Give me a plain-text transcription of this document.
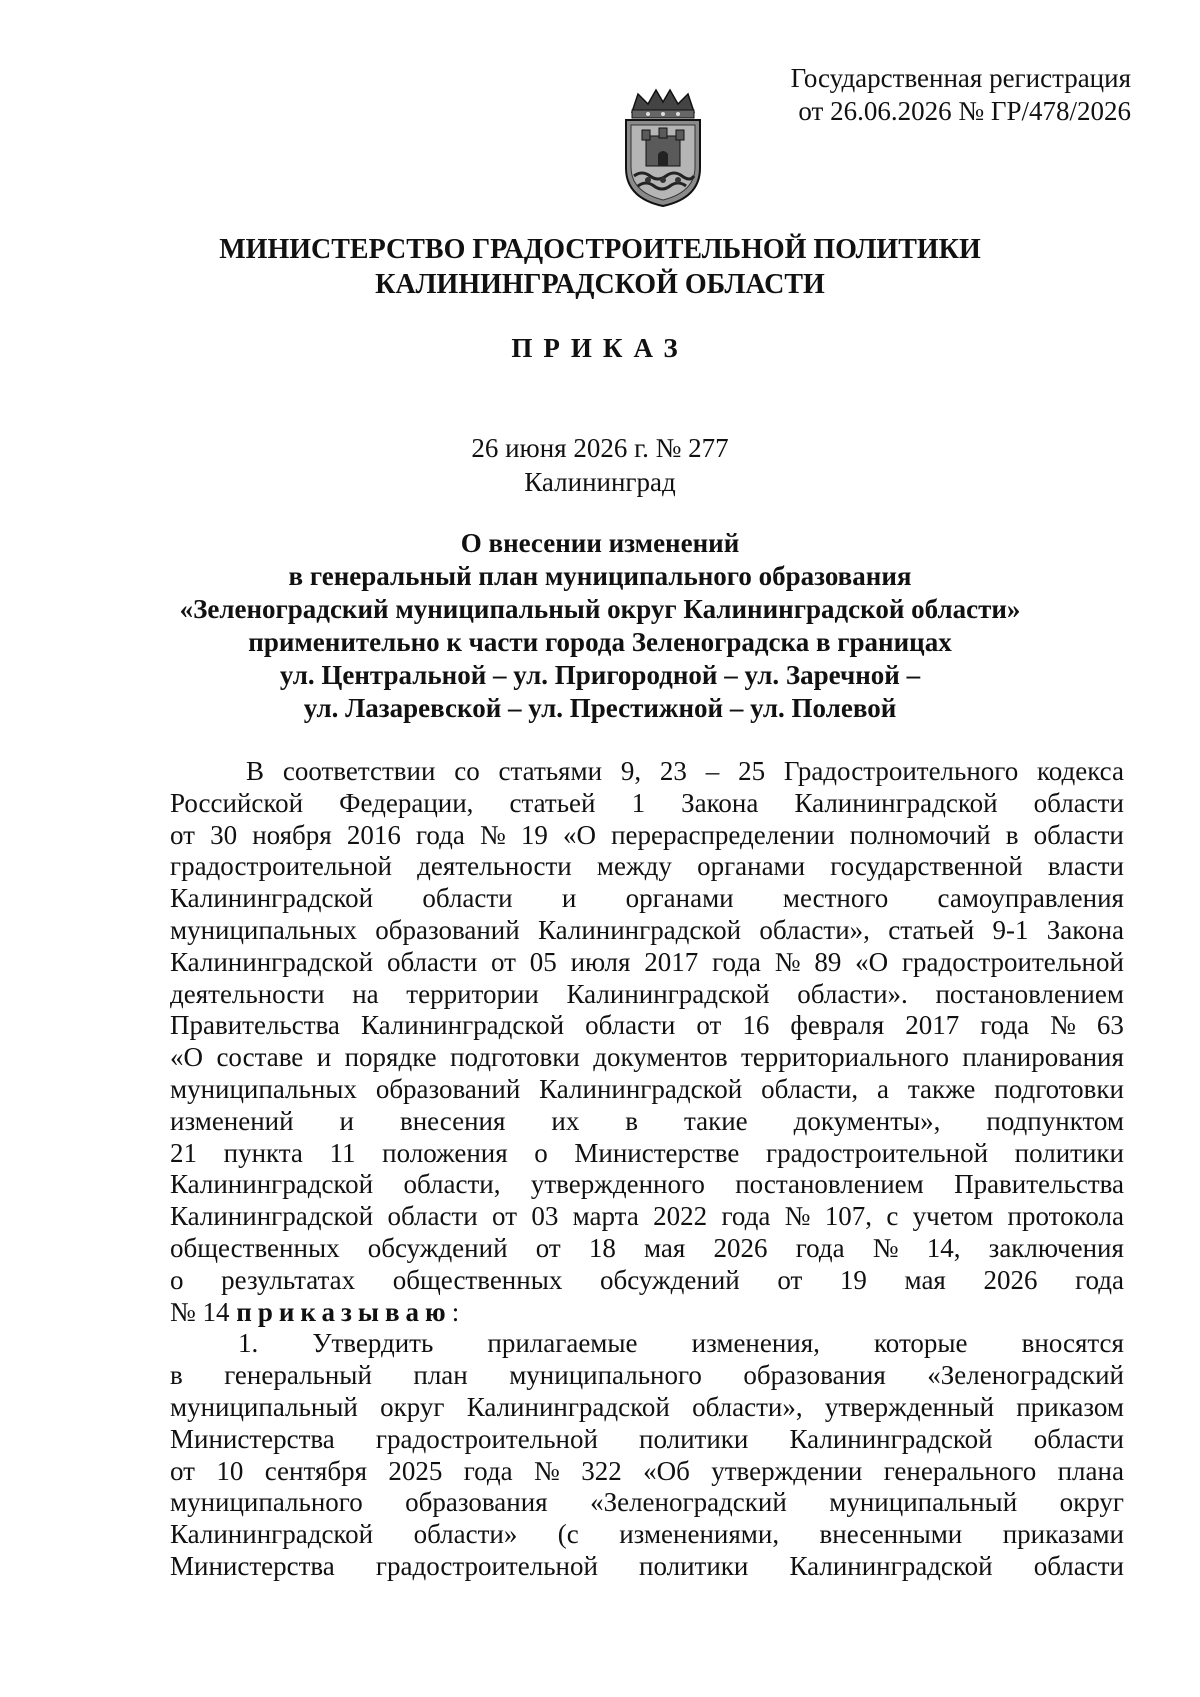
Государственная регистрация
от 26.06.2026 № ГР/478/2026
МИНИСТЕРСТВО ГРАДОСТРОИТЕЛЬНОЙ ПОЛИТИКИ
КАЛИНИНГРАДСКОЙ ОБЛАСТИ
ПРИКАЗ
26 июня 2026 г. № 277
Калининград
О внесении изменений
в генеральный план муниципального образования
«Зеленоградский муниципальный округ Калининградской области»
применительно к части города Зеленоградска в границах
ул. Центральной – ул. Пригородной – ул. Заречной –
ул. Лазаревской – ул. Престижной – ул. Полевой
В соответствии со статьями 9, 23 – 25 Градостроительного кодекса
Российской Федерации, статьей 1 Закона Калининградской области
от 30 ноября 2016 года № 19 «О перераспределении полномочий в области
градостроительной деятельности между органами государственной власти
Калининградской области и органами местного самоуправления
муниципальных образований Калининградской области», статьей 9-1 Закона
Калининградской области от 05 июля 2017 года № 89 «О градостроительной
деятельности на территории Калининградской области». постановлением
Правительства Калининградской области от 16 февраля 2017 года № 63
«О составе и порядке подготовки документов территориального планирования
муниципальных образований Калининградской области, а также подготовки
изменений и внесения их в такие документы», подпунктом
21 пункта 11 положения о Министерстве градостроительной политики
Калининградской области, утвержденного постановлением Правительства
Калининградской области от 03 марта 2022 года № 107, с учетом протокола
общественных обсуждений от 18 мая 2026 года № 14, заключения
о результатах общественных обсуждений от 19 мая 2026 года
№ 14 приказываю :
1. Утвердить прилагаемые изменения, которые вносятся
в генеральный план муниципального образования «Зеленоградский
муниципальный округ Калининградской области», утвержденный приказом
Министерства градостроительной политики Калининградской области
от 10 сентября 2025 года № 322 «Об утверждении генерального плана
муниципального образования «Зеленоградский муниципальный округ
Калининградской области» (с изменениями, внесенными приказами
Министерства градостроительной политики Калининградской области
